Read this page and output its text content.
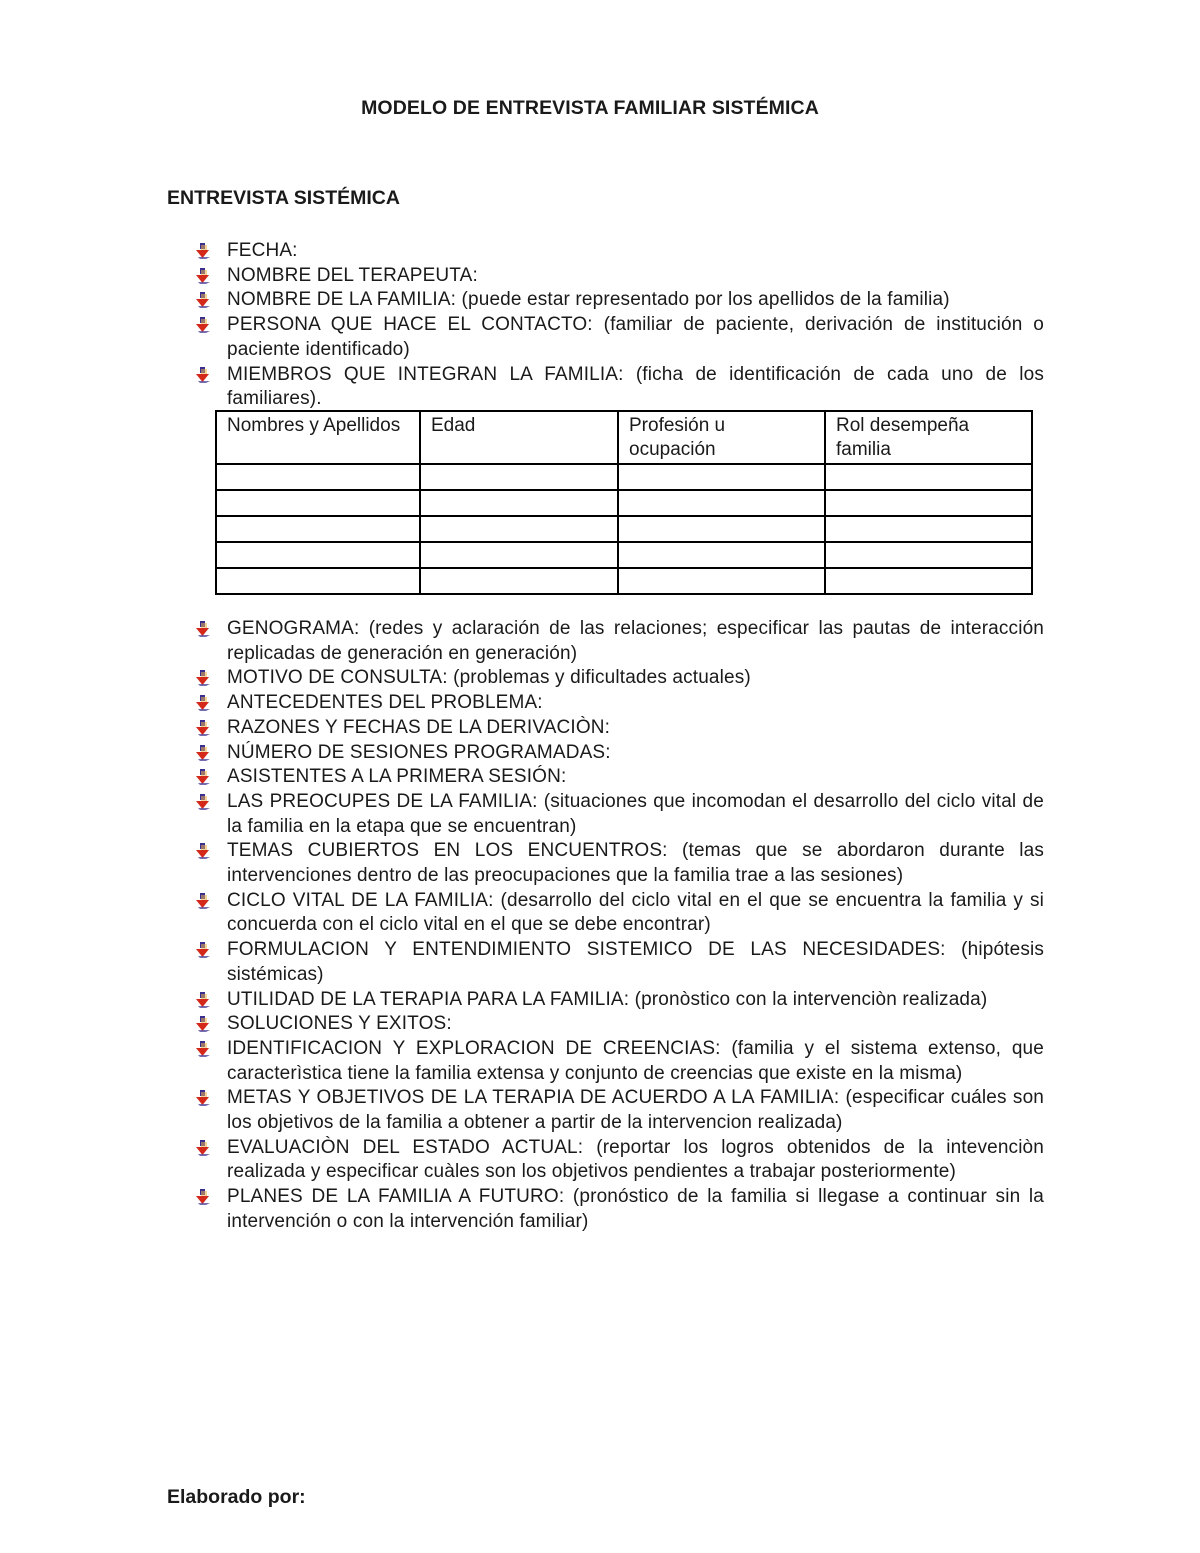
MODELO DE ENTREVISTA FAMILIAR SISTÉMICA
ENTREVISTA SISTÉMICA
FECHA:
NOMBRE DEL TERAPEUTA:
NOMBRE DE LA FAMILIA: (puede estar representado por los apellidos de la familia)
PERSONA QUE HACE EL CONTACTO: (familiar de paciente, derivación de institución o paciente identificado)
MIEMBROS QUE INTEGRAN LA FAMILIA: (ficha de identificación de cada uno de los familiares).
Nombres y Apellidos	Edad	Profesión u ocupación	Rol desempeña familia

GENOGRAMA: (redes y aclaración de las relaciones; especificar las pautas de interacción replicadas de generación en generación)
MOTIVO DE CONSULTA: (problemas y dificultades actuales)
ANTECEDENTES DEL PROBLEMA:
RAZONES Y FECHAS DE LA DERIVACIÒN:
NÚMERO DE SESIONES PROGRAMADAS:
ASISTENTES A LA PRIMERA SESIÓN:
LAS PREOCUPES DE LA FAMILIA: (situaciones que incomodan el desarrollo del ciclo vital de la familia en la etapa que se encuentran)
TEMAS CUBIERTOS EN LOS ENCUENTROS: (temas que se abordaron durante las intervenciones dentro de las preocupaciones que la familia trae a las sesiones)
CICLO VITAL DE LA FAMILIA: (desarrollo del ciclo vital en el que se encuentra la familia y si concuerda con el ciclo vital en el que se debe encontrar)
FORMULACION Y ENTENDIMIENTO SISTEMICO DE LAS NECESIDADES: (hipótesis sistémicas)
UTILIDAD DE LA TERAPIA PARA LA FAMILIA: (pronòstico con la intervenciòn realizada)
SOLUCIONES Y EXITOS:
IDENTIFICACION Y EXPLORACION DE CREENCIAS: (familia y el sistema extenso, que caracterìstica tiene la familia extensa y conjunto de creencias que existe en la misma)
METAS Y OBJETIVOS DE LA TERAPIA DE ACUERDO A LA FAMILIA: (especificar cuáles son los objetivos de la familia a obtener a partir de la intervencion realizada)
EVALUACIÒN DEL ESTADO ACTUAL: (reportar los logros obtenidos de la intevenciòn realizada y especificar cuàles son los objetivos pendientes a trabajar posteriormente)
PLANES DE LA FAMILIA A FUTURO: (pronóstico de la familia si llegase a continuar sin la intervención o con la intervención familiar)
Elaborado por:
